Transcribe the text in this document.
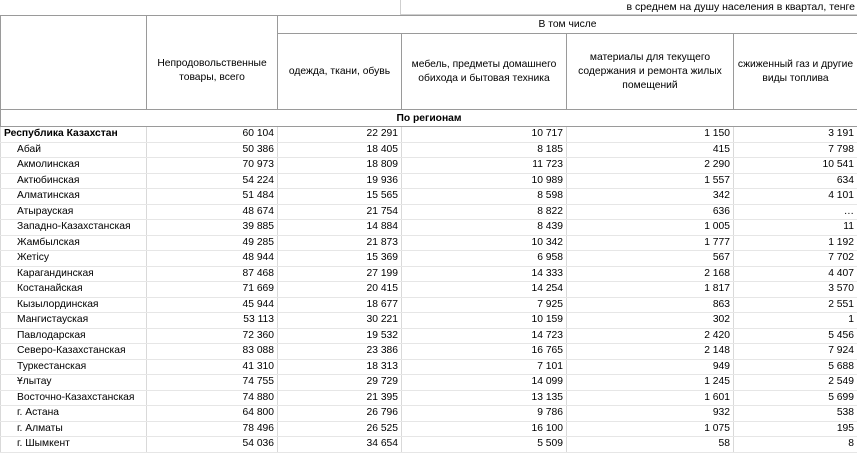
в среднем на душу населения в квартал, тенге
		В том числе			
	Непродовольственные товары, всего	одежда, ткани, обувь	мебель, предметы домашнего обихода и бытовая техника	материалы для текущего содержания и ремонта жилых помещений	сжиженный газ и другие виды топлива
По регионам					
Республика Казахстан	60 104	22 291	10 717	1 150	3 191
Абай	50 386	18 405	8 185	415	7 798
Акмолинская	70 973	18 809	11 723	2 290	10 541
Актюбинская	54 224	19 936	10 989	1 557	634
Алматинская	51 484	15 565	8 598	342	4 101
Атырауская	48 674	21 754	8 822	636	…
Западно-Казахстанская	39 885	14 884	8 439	1 005	11
Жамбылская	49 285	21 873	10 342	1 777	1 192
Жетісу	48 944	15 369	6 958	567	7 702
Карагандинская	87 468	27 199	14 333	2 168	4 407
Костанайская	71 669	20 415	14 254	1 817	3 570
Кызылординская	45 944	18 677	7 925	863	2 551
Мангистауская	53 113	30 221	10 159	302	1
Павлодарская	72 360	19 532	14 723	2 420	5 456
Северо-Казахстанская	83 088	23 386	16 765	2 148	7 924
Туркестанская	41 310	18 313	7 101	949	5 688
Ұлытау	74 755	29 729	14 099	1 245	2 549
Восточно-Казахстанская	74 880	21 395	13 135	1 601	5 699
г. Астана	64 800	26 796	9 786	932	538
г. Алматы	78 496	26 525	16 100	1 075	195
г. Шымкент	54 036	34 654	5 509	58	8
